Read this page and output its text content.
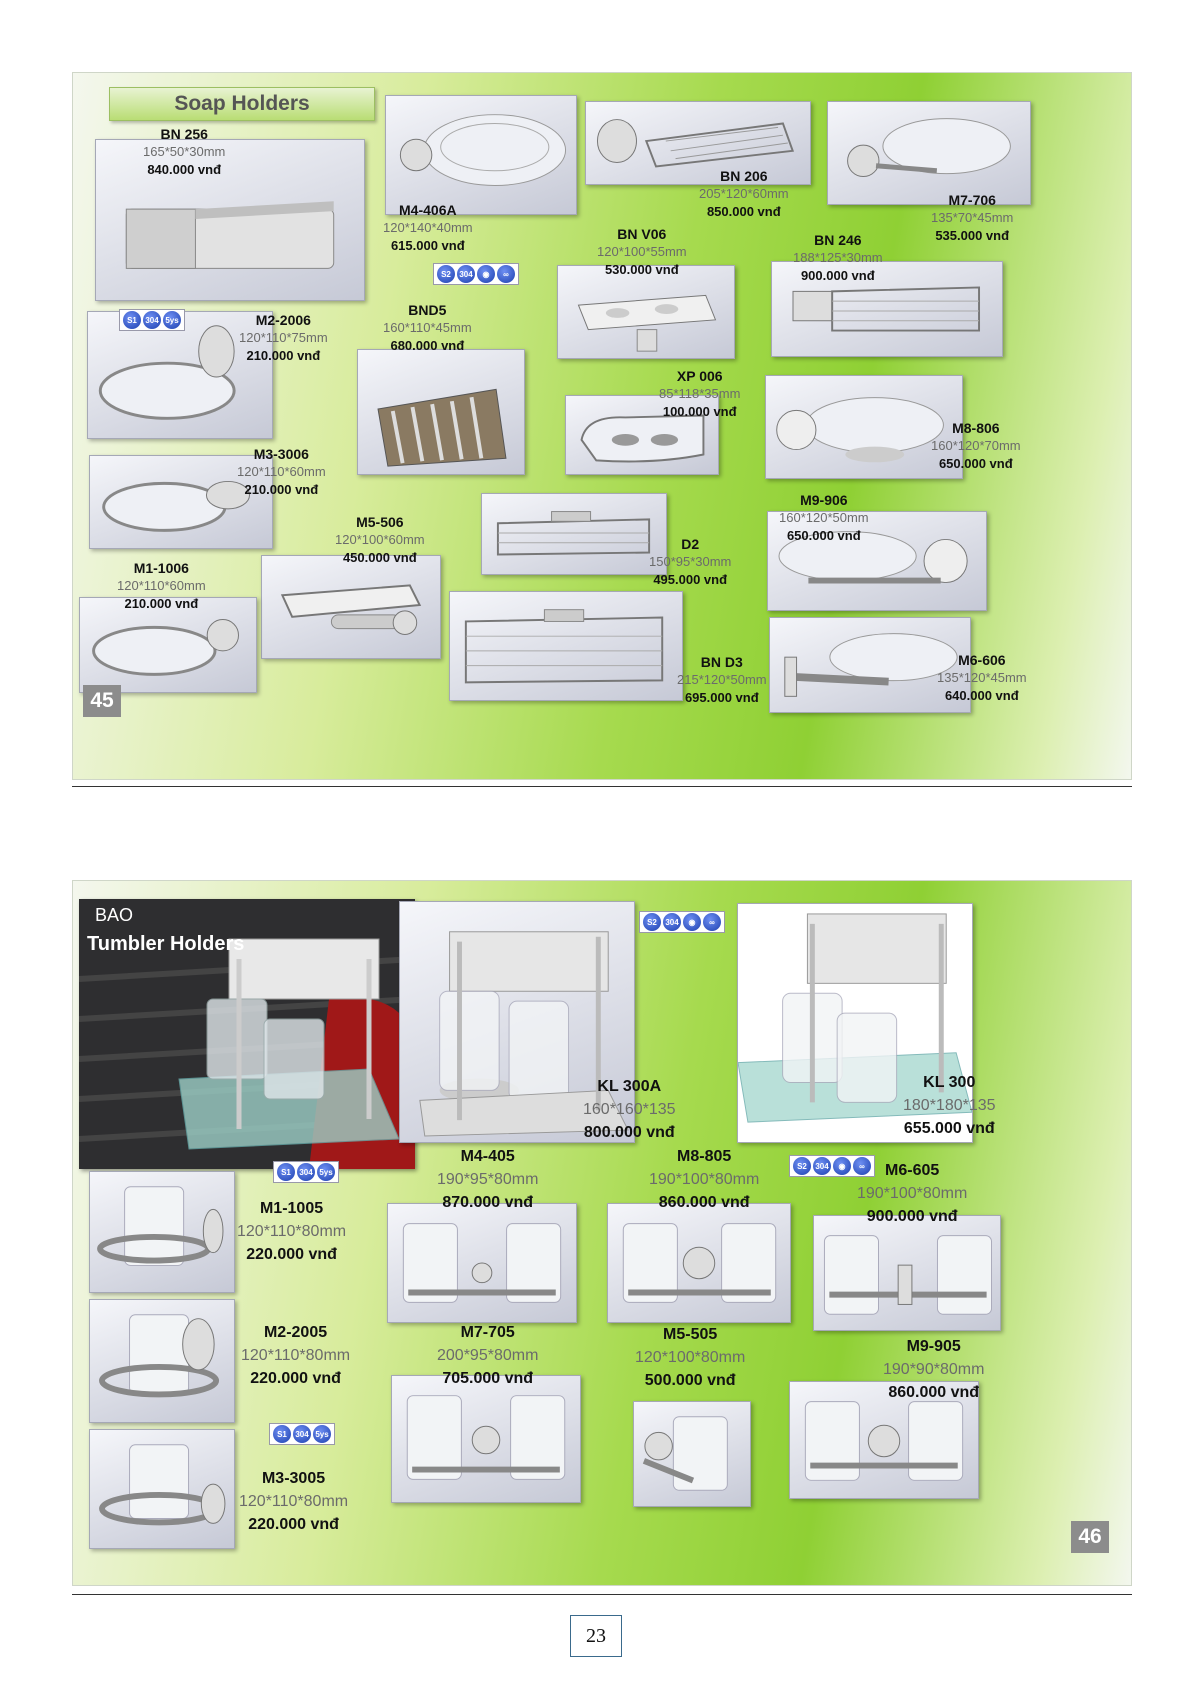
Soap Holders
S1	304 5ys
S2	304	◉	∞
BN 256
165*50*30mm
840.000 vnđ
M4-406A
120*140*40mm
615.000 vnđ
BN 206
205*120*60mm
850.000 vnđ
M7-706
135*70*45mm
535.000 vnđ
BN V06
120*100*55mm
530.000 vnđ
BN 246
188*125*30mm
900.000 vnđ
M2-2006
120*110*75mm
210.000 vnđ
BND5
160*110*45mm
680.000 vnđ
XP 006
85*118*35mm
100.000 vnđ
M8-806
160*120*70mm
650.000 vnđ
M3-3006
120*110*60mm
210.000 vnđ
M5-506
120*100*60mm
450.000 vnđ
D2
150*95*30mm
495.000 vnđ
M9-906
160*120*50mm
650.000 vnđ
M1-1006
120*110*60mm
210.000 vnđ
BN D3
215*120*50mm
695.000 vnđ
M6-606
135*120*45mm
640.000 vnđ
45
BAO
Tumbler Holders
S2	304	◉	∞
S1	304 5ys
S2	304	◉	∞
S1	304 5ys
KL 300A
160*160*135
800.000 vnđ
KL 300
180*180*135
655.000 vnđ
M1-1005
120*110*80mm
220.000 vnđ
M4-405
190*95*80mm
870.000 vnđ
M8-805
190*100*80mm
860.000 vnđ
M6-605
190*100*80mm
900.000 vnđ
M2-2005
120*110*80mm
220.000 vnđ
M7-705
200*95*80mm
705.000 vnđ
M5-505
120*100*80mm
500.000 vnđ
M9-905
190*90*80mm
860.000 vnđ
M3-3005
120*110*80mm
220.000 vnđ
46
23
